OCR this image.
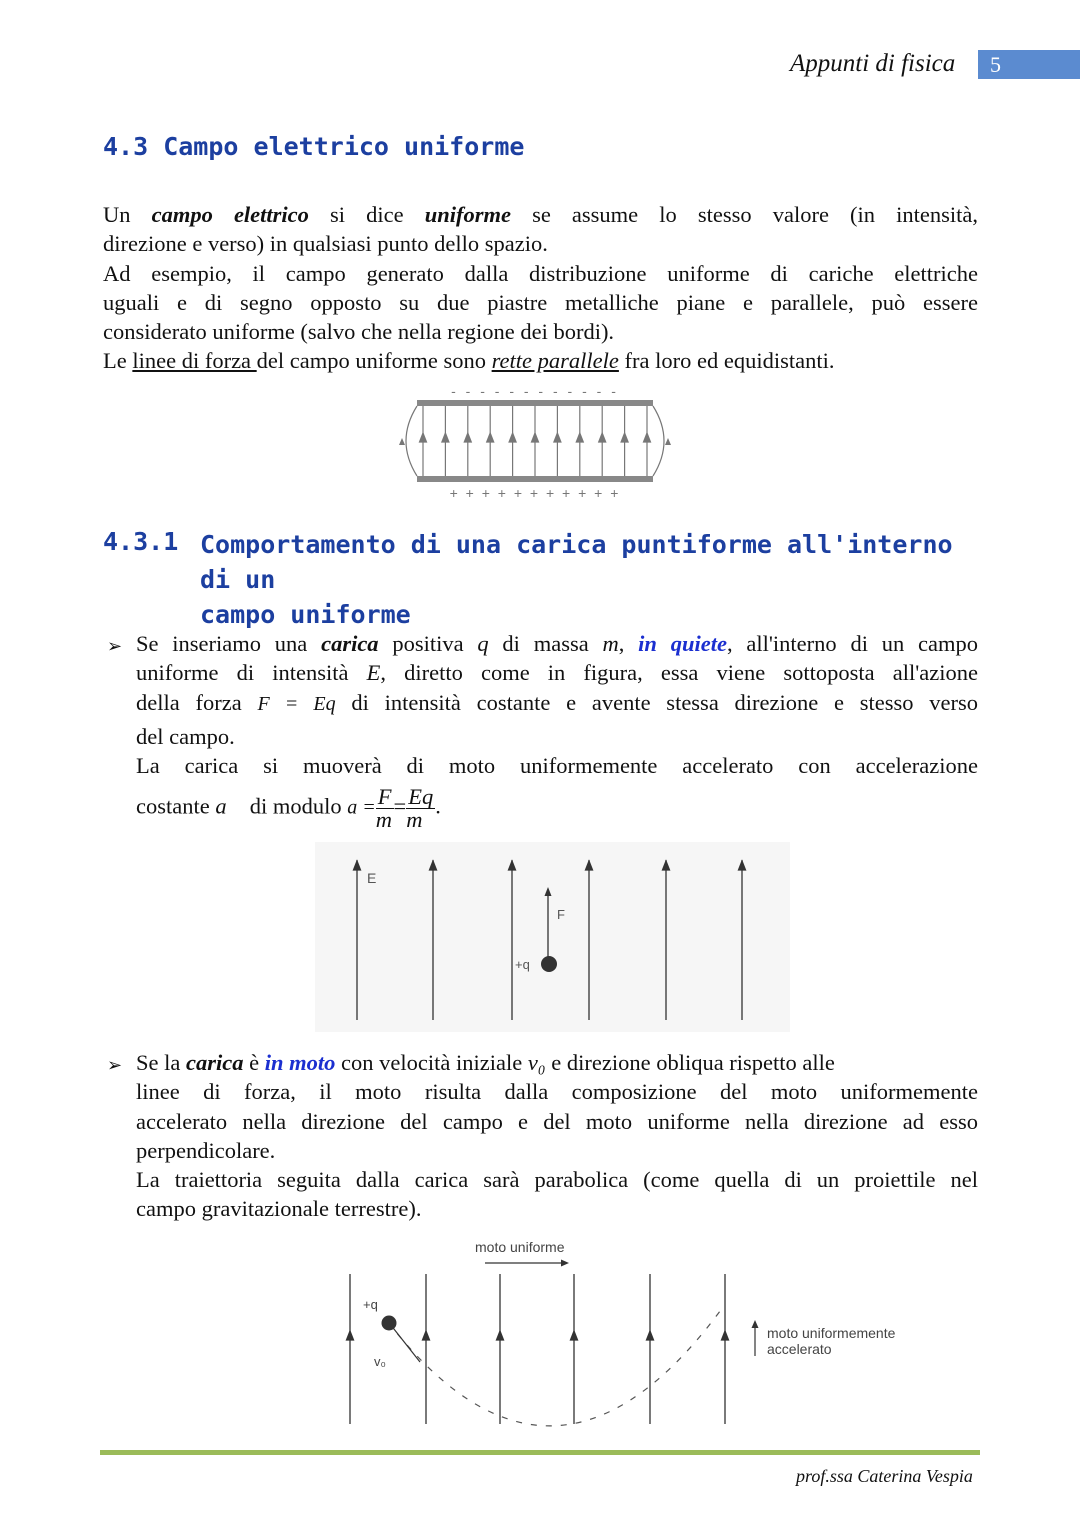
Appunti di fisica 5
4.3 Campo elettrico uniforme
Un campo elettrico si dice uniforme se assume lo stesso valore (in intensità,
direzione e verso) in qualsiasi punto dello spazio.
Ad esempio, il campo generato dalla distribuzione uniforme di cariche elettriche
uguali e di segno opposto su due piastre metalliche piane e parallele, può essere
considerato uniforme (salvo che nella regione dei bordi).
Le linee di forza del campo uniforme sono rette parallele fra loro ed equidistanti.
- - - - - - - - - - - -
+ + + + + + + + + + +
4.3.1 Comportamento di una carica puntiforme all'interno di un
campo uniforme
➢ Se inseriamo una carica positiva q di massa m, in quiete, all'interno di un campo
uniforme di intensità E, diretto come in figura, essa viene sottoposta all'azione
della forza F = Eq di intensità costante e avente stessa direzione e stesso verso
del campo.
La carica si muoverà di moto uniformemente accelerato con accelerazione
costante a⃗ di modulo $a = \frac{F}{m} = \frac{Eq}{m}$ .
E
F
+q
➢ Se la carica è in moto con velocità iniziale v₀ e direzione obliqua rispetto alle
linee di forza, il moto risulta dalla composizione del moto uniformemente
accelerato nella direzione del campo e del moto uniforme nella direzione ad esso
perpendicolare.
La traiettoria seguita dalla carica sarà parabolica (come quella di un proiettile nel
campo gravitazionale terrestre).
moto uniforme
+q
v₀
moto uniformemente
accelerato
prof.ssa Caterina Vespia
